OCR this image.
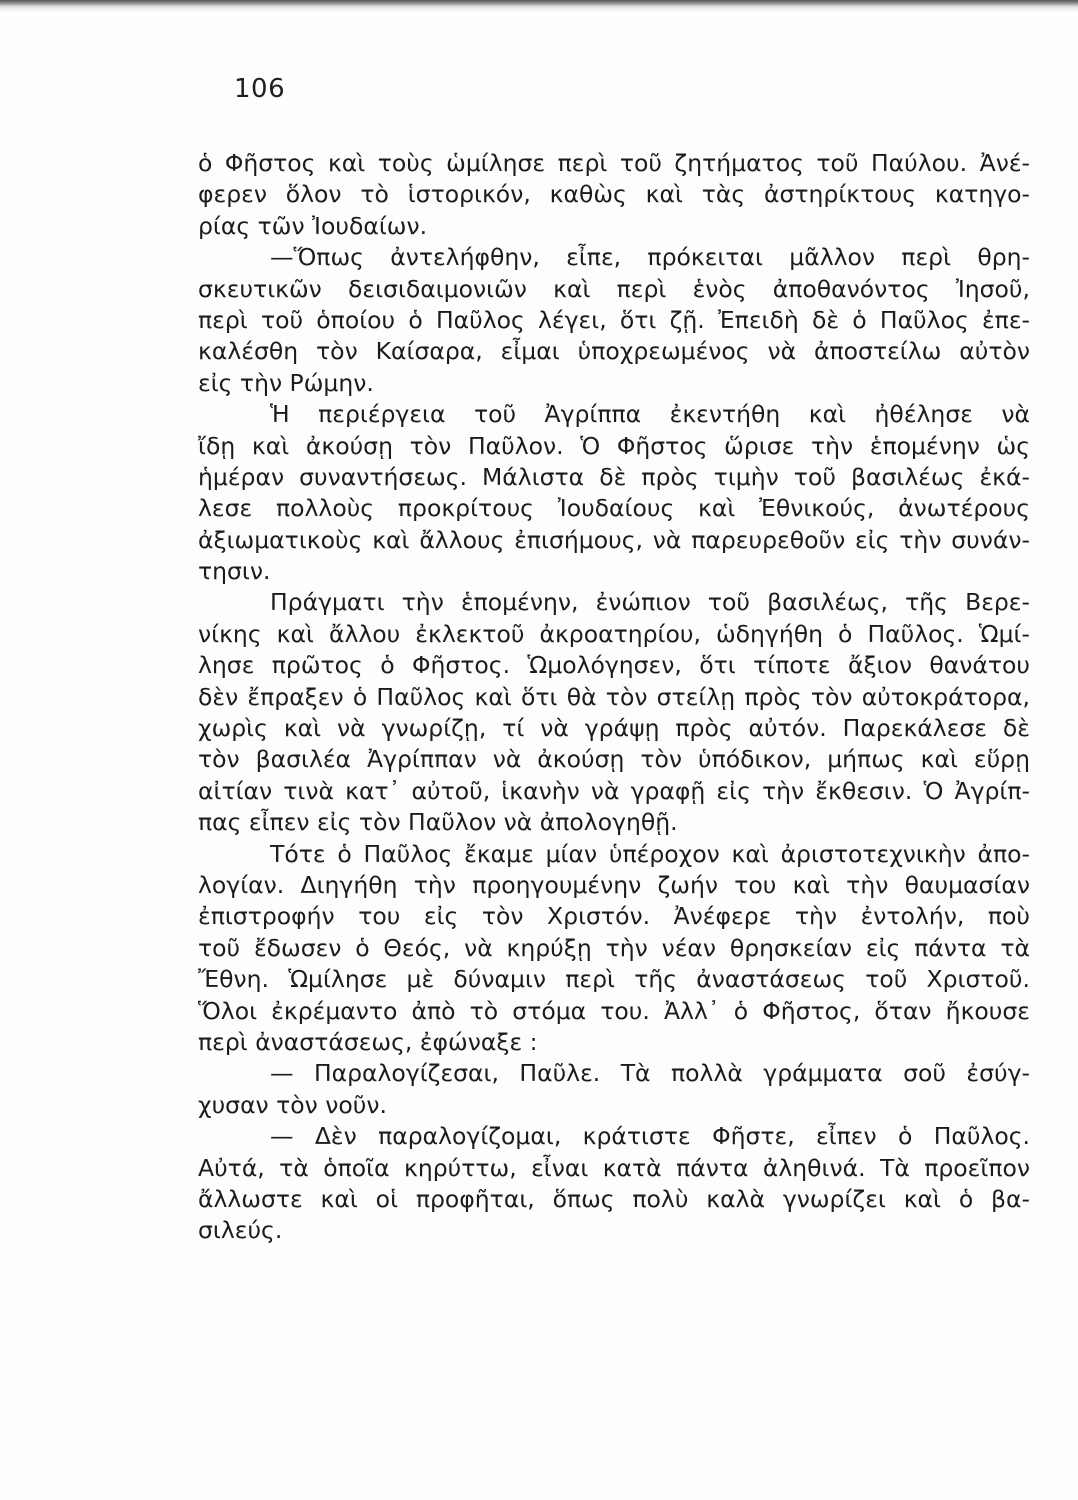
106
ὁ Φῆστος καὶ τοὺς ὡμίλησε περὶ τοῦ ζητήματος τοῦ Παύλου. Ἀνέ-
φερεν ὅλον τὸ ἱστορικόν, καθὼς καὶ τὰς ἀστηρίκτους κατηγο-
ρίας τῶν Ἰουδαίων.
—Ὅπως ἀντελήφθην, εἶπε, πρόκειται μᾶλλον περὶ θρη-
σκευτικῶν δεισιδαιμονιῶν καὶ περὶ ἑνὸς ἀποθανόντος Ἰησοῦ,
περὶ τοῦ ὁποίου ὁ Παῦλος λέγει, ὅτι ζῇ. Ἐπειδὴ δὲ ὁ Παῦλος ἐπε-
καλέσθη τὸν Καίσαρα, εἶμαι ὑποχρεωμένος νὰ ἀποστείλω αὐτὸν
εἰς τὴν Ρώμην.
Ἡ περιέργεια τοῦ Ἀγρίππα ἐκεντήθη καὶ ἠθέλησε νὰ
ἴδῃ καὶ ἀκούσῃ τὸν Παῦλον. Ὁ Φῆστος ὥρισε τὴν ἑπομένην ὡς
ἡμέραν συναντήσεως. Μάλιστα δὲ πρὸς τιμὴν τοῦ βασιλέως ἐκά-
λεσε πολλοὺς προκρίτους Ἰουδαίους καὶ Ἐθνικούς, ἀνωτέρους
ἀξιωματικοὺς καὶ ἄλλους ἐπισήμους, νὰ παρευρεθοῦν εἰς τὴν συνάν-
τησιν.
Πράγματι τὴν ἑπομένην, ἐνώπιον τοῦ βασιλέως, τῆς Βερε-
νίκης καὶ ἄλλου ἐκλεκτοῦ ἀκροατηρίου, ὡδηγήθη ὁ Παῦλος. Ὡμί-
λησε πρῶτος ὁ Φῆστος. Ὡμολόγησεν, ὅτι τίποτε ἄξιον θανάτου
δὲν ἔπραξεν ὁ Παῦλος καὶ ὅτι θὰ τὸν στείλῃ πρὸς τὸν αὐτοκράτορα,
χωρὶς καὶ νὰ γνωρίζῃ, τί νὰ γράψῃ πρὸς αὐτόν. Παρεκάλεσε δὲ
τὸν βασιλέα Ἀγρίππαν νὰ ἀκούσῃ τὸν ὑπόδικον, μήπως καὶ εὕρῃ
αἰτίαν τινὰ κατ᾽ αὐτοῦ, ἱκανὴν νὰ γραφῇ εἰς τὴν ἔκθεσιν. Ὁ Ἀγρίπ-
πας εἶπεν εἰς τὸν Παῦλον νὰ ἀπολογηθῇ.
Τότε ὁ Παῦλος ἔκαμε μίαν ὑπέροχον καὶ ἀριστοτεχνικὴν ἀπο-
λογίαν. Διηγήθη τὴν προηγουμένην ζωήν του καὶ τὴν θαυμασίαν
ἐπιστροφήν του εἰς τὸν Χριστόν. Ἀνέφερε τὴν ἐντολήν, ποὺ
τοῦ ἔδωσεν ὁ Θεός, νὰ κηρύξῃ τὴν νέαν θρησκείαν εἰς πάντα τὰ
Ἔθνη. Ὡμίλησε μὲ δύναμιν περὶ τῆς ἀναστάσεως τοῦ Χριστοῦ.
Ὅλοι ἐκρέμαντο ἀπὸ τὸ στόμα του. Ἀλλ᾽ ὁ Φῆστος, ὅταν ἤκουσε
περὶ ἀναστάσεως, ἐφώναξε :
— Παραλογίζεσαι, Παῦλε. Τὰ πολλὰ γράμματα σοῦ ἐσύγ-
χυσαν τὸν νοῦν.
— Δὲν παραλογίζομαι, κράτιστε Φῆστε, εἶπεν ὁ Παῦλος.
Αὐτά, τὰ ὁποῖα κηρύττω, εἶναι κατὰ πάντα ἀληθινά. Τὰ προεῖπον
ἄλλωστε καὶ οἱ προφῆται, ὅπως πολὺ καλὰ γνωρίζει καὶ ὁ βα-
σιλεύς.
